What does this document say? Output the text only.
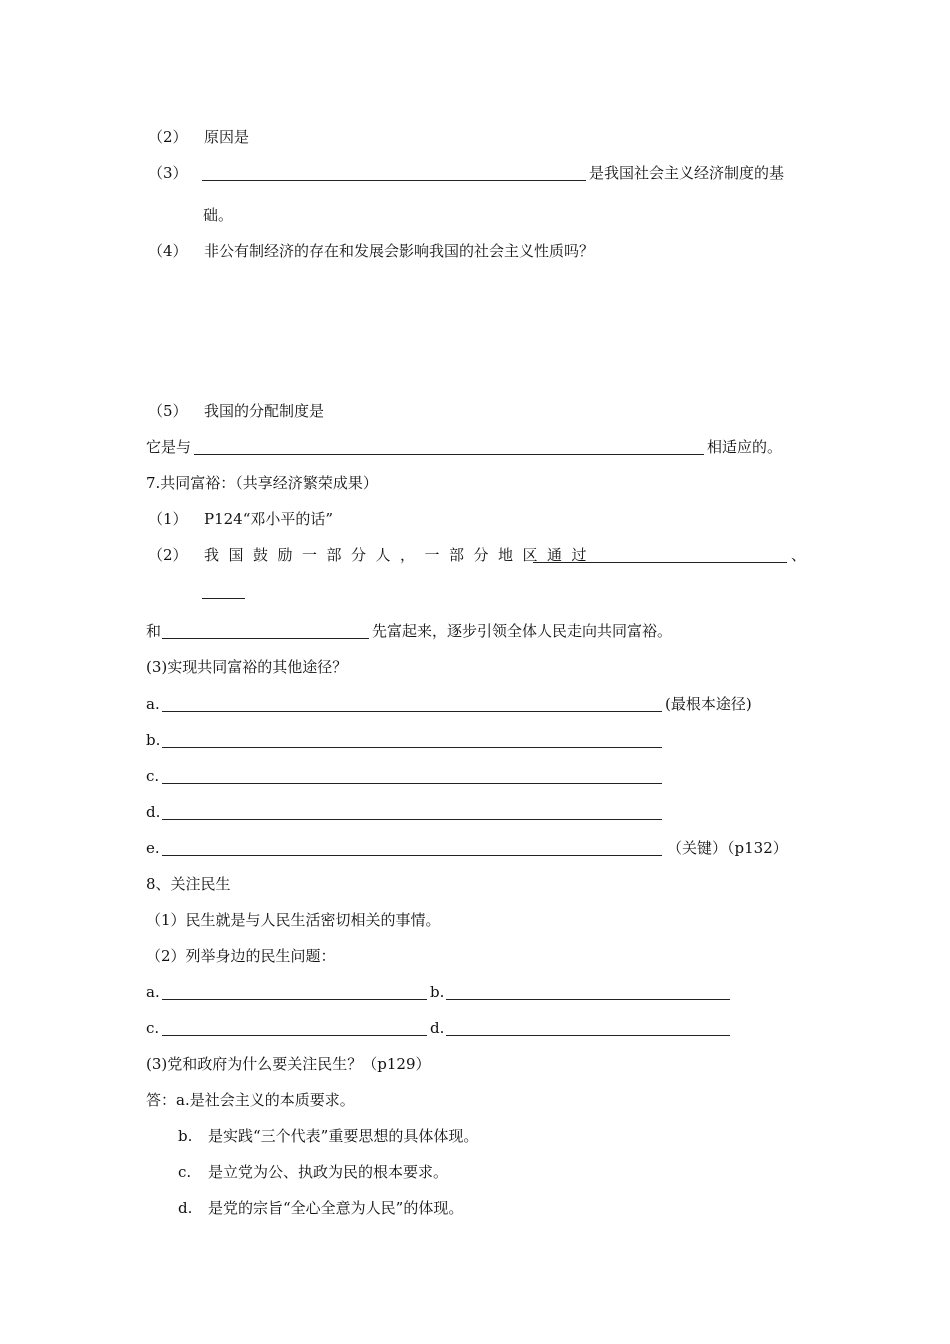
（2） 原因是
（3）	是我国社会主义经济制度的基
础。
（4） 非公有制经济的存在和发展会影响我国的社会主义性质吗？
（5） 我国的分配制度是
它是与	相适应的。
7.共同富裕：（共享经济繁荣成果）
（1） P124“邓小平的话”
（2） 我国鼓励一部分人，一部分地区通过	、
和	先富起来，逐步引领全体人民走向共同富裕。
(3)实现共同富裕的其他途径？
a.	(最根本途径)
b.
c.
d.
e.	（关键）（p132）
8、关注民生
（1）民生就是与人民生活密切相关的事情。
（2）列举身边的民生问题：
a.	b.
c.	d.
(3)党和政府为什么要关注民生？（p129）
答：a.是社会主义的本质要求。
b. 是实践“三个代表”重要思想的具体体现。
c. 是立党为公、执政为民的根本要求。
d. 是党的宗旨“全心全意为人民”的体现。
